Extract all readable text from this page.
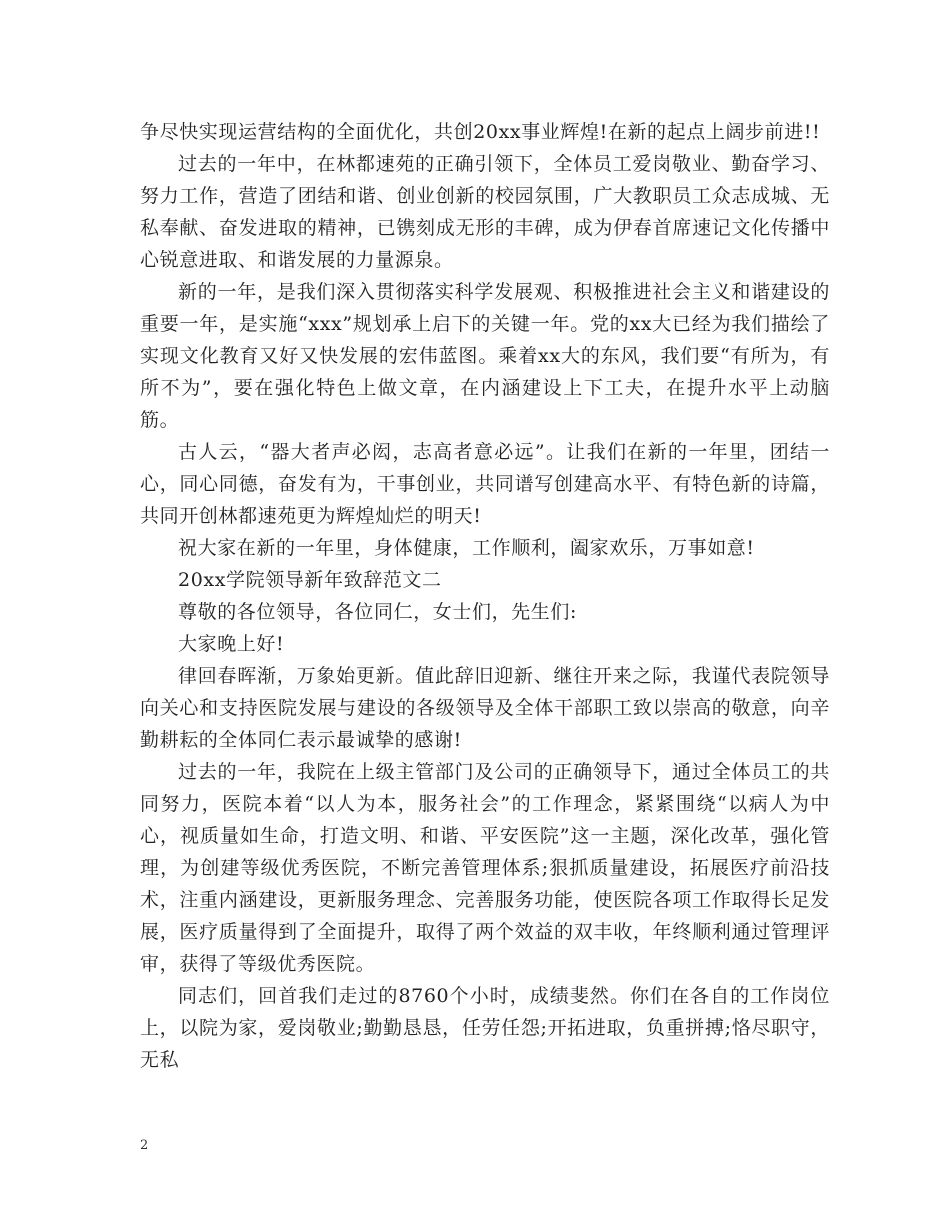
争尽快实现运营结构的全面优化，共创20xx事业辉煌!在新的起点上阔步前进!!

过去的一年中，在林都速苑的正确引领下，全体员工爱岗敬业、勤奋学习、努力工作，营造了团结和谐、创业创新的校园氛围，广大教职员工众志成城、无私奉献、奋发进取的精神，已镌刻成无形的丰碑，成为伊春首席速记文化传播中心锐意进取、和谐发展的力量源泉。

新的一年，是我们深入贯彻落实科学发展观、积极推进社会主义和谐建设的重要一年，是实施“xxx”规划承上启下的关键一年。党的xx大已经为我们描绘了实现文化教育又好又快发展的宏伟蓝图。乘着xx大的东风，我们要“有所为，有所不为”，要在强化特色上做文章，在内涵建设上下工夫，在提升水平上动脑筋。

古人云，“器大者声必闳，志高者意必远”。让我们在新的一年里，团结一心，同心同德，奋发有为，干事创业，共同谱写创建高水平、有特色新的诗篇，共同开创林都速苑更为辉煌灿烂的明天!

祝大家在新的一年里，身体健康，工作顺利，阖家欢乐，万事如意!

20xx学院领导新年致辞范文二

尊敬的各位领导，各位同仁，女士们，先生们:

大家晚上好!

律回春晖渐，万象始更新。值此辞旧迎新、继往开来之际，我谨代表院领导向关心和支持医院发展与建设的各级领导及全体干部职工致以崇高的敬意，向辛勤耕耘的全体同仁表示最诚挚的感谢!

过去的一年，我院在上级主管部门及公司的正确领导下，通过全体员工的共同努力，医院本着“以人为本，服务社会”的工作理念，紧紧围绕“以病人为中心，视质量如生命，打造文明、和谐、平安医院”这一主题，深化改革，强化管理，为创建等级优秀医院，不断完善管理体系;狠抓质量建设，拓展医疗前沿技术，注重内涵建设，更新服务理念、完善服务功能，使医院各项工作取得长足发展，医疗质量得到了全面提升，取得了两个效益的双丰收，年终顺利通过管理评审，获得了等级优秀医院。

同志们，回首我们走过的8760个小时，成绩斐然。你们在各自的工作岗位上，以院为家，爱岗敬业;勤勤恳恳，任劳任怨;开拓进取，负重拼搏;恪尽职守，无私

2
